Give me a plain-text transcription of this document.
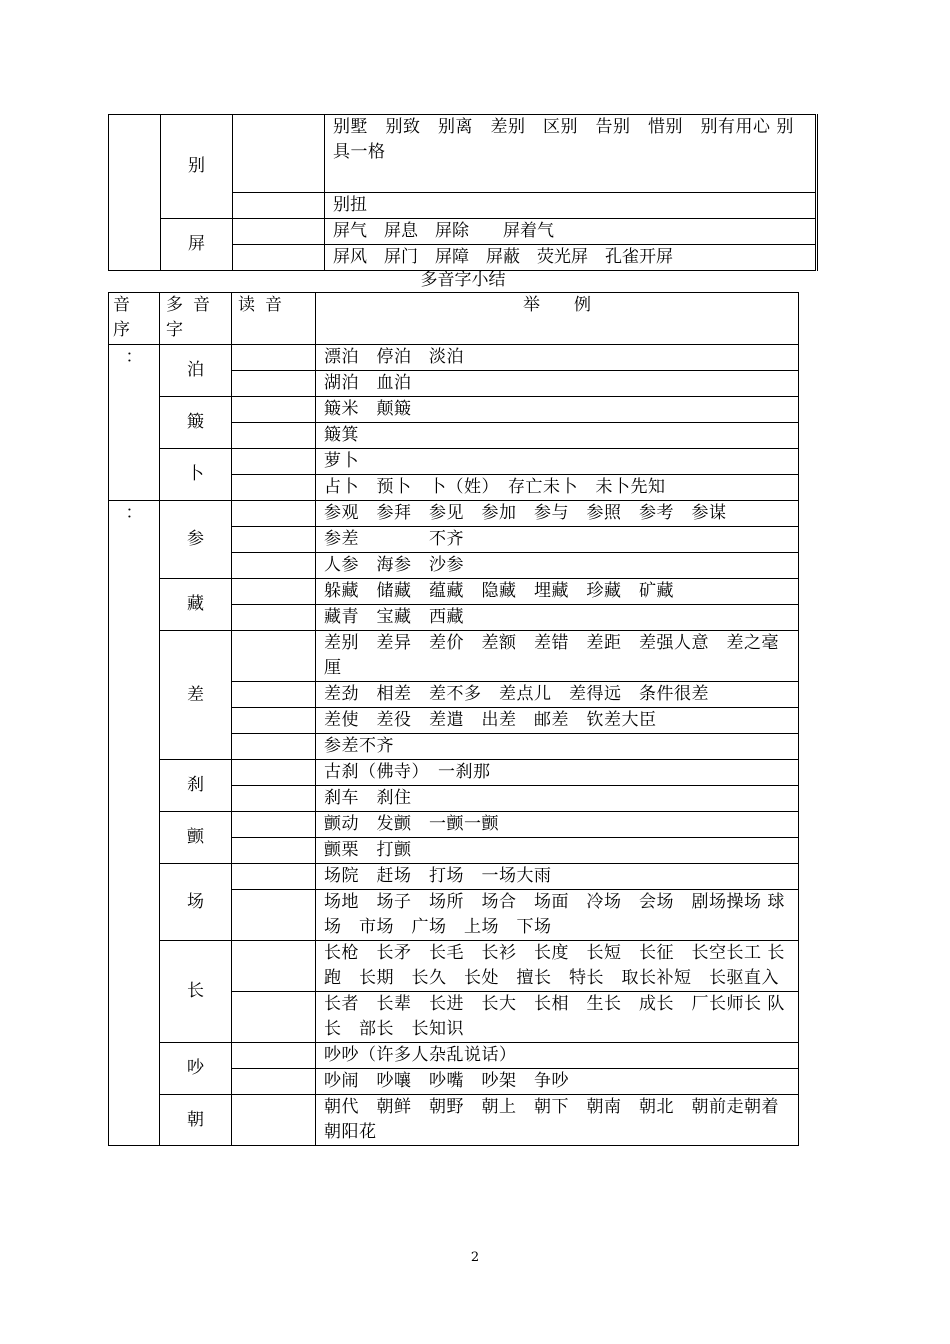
	别		别墅　别致　别离　差别　区别　告别　惜别　别有用心 别具一格
			别扭
	屏		屏气　屏息　屏除　　屏着气
			屏风　屏门　屏障　屏蔽　荧光屏　孔雀开屏
多音字小结
音序	多音字	读音	举　　例
：	泊		漂泊　停泊　淡泊
			湖泊　血泊
	簸		簸米　颠簸
			簸箕
	卜		萝卜
			占卜　预卜　卜（姓）　存亡未卜　未卜先知
：	参		参观　参拜　参见　参加　参与　参照　参考　参谋
			参差　　　　不齐
			人参　海参　沙参
	藏		躲藏　储藏　蕴藏　隐藏　埋藏　珍藏　矿藏
			藏青　宝藏　西藏
	差		差别　差异　差价　差额　差错　差距　差强人意　差之毫厘
			差劲　相差　差不多　差点儿　差得远　条件很差
			差使　差役　差遣　出差　邮差　钦差大臣
			参差不齐
	刹		古刹（佛寺）　一刹那
			刹车　刹住
	颤		颤动　发颤　一颤一颤
			颤栗　打颤
	场		场院　赶场　打场　一场大雨
			场地　场子　场所　场合　场面　冷场　会场　剧场操场 球场　市场　广场　上场　下场
	长		长枪　长矛　长毛　长衫　长度　长短　长征　长空长工 长跑　长期　长久　长处　擅长　特长　取长补短　长驱直入
			长者　长辈　长进　长大　长相　生长　成长　厂长师长 队长　部长　长知识
	吵		吵吵（许多人杂乱说话）
			吵闹　吵嚷　吵嘴　吵架　争吵
	朝		朝代　朝鲜　朝野　朝上　朝下　朝南　朝北　朝前走朝着　朝阳花
2
